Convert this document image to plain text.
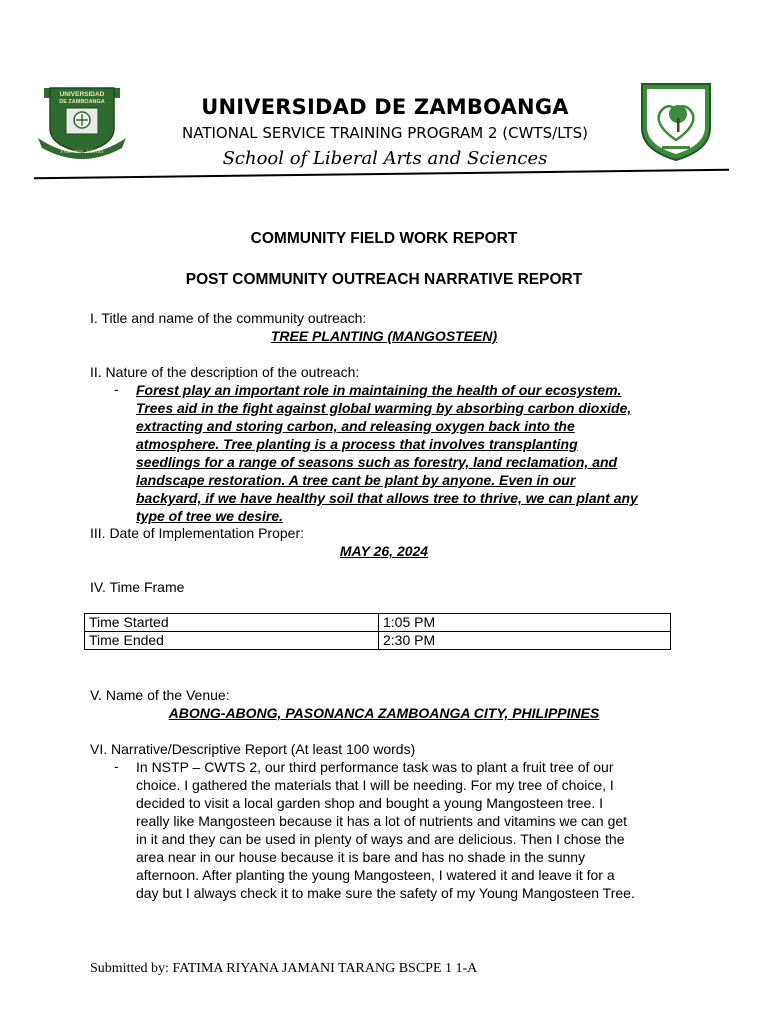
UNIVERSIDAD
DE ZAMBOANGA
Fraternitas · Libertas
UNIVERSIDAD DE ZAMBOANGA
NATIONAL SERVICE TRAINING PROGRAM 2 (CWTS/LTS)
School of Liberal Arts and Sciences
COMMUNITY FIELD WORK REPORT
POST COMMUNITY OUTREACH NARRATIVE REPORT
I. Title and name of the community outreach:
TREE PLANTING (MANGOSTEEN)
II. Nature of the description of the outreach:
- Forest play an important role in maintaining the health of our ecosystem.
Trees aid in the fight against global warming by absorbing carbon dioxide,
extracting and storing carbon, and releasing oxygen back into the
atmosphere. Tree planting is a process that involves transplanting
seedlings for a range of seasons such as forestry, land reclamation, and
landscape restoration. A tree cant be plant by anyone. Even in our
backyard, if we have healthy soil that allows tree to thrive, we can plant any
type of tree we desire.
III. Date of Implementation Proper:
MAY 26, 2024
IV. Time Frame
Time Started	1:05 PM
Time Ended	2:30 PM
V. Name of the Venue:
ABONG-ABONG, PASONANCA ZAMBOANGA CITY, PHILIPPINES
VI. Narrative/Descriptive Report (At least 100 words)
- In NSTP – CWTS 2, our third performance task was to plant a fruit tree of our
choice. I gathered the materials that I will be needing. For my tree of choice, I
decided to visit a local garden shop and bought a young Mangosteen tree. I
really like Mangosteen because it has a lot of nutrients and vitamins we can get
in it and they can be used in plenty of ways and are delicious. Then I chose the
area near in our house because it is bare and has no shade in the sunny
afternoon. After planting the young Mangosteen, I watered it and leave it for a
day but I always check it to make sure the safety of my Young Mangosteen Tree.
Submitted by: FATIMA RIYANA JAMANI TARANG BSCPE 1 1-A
